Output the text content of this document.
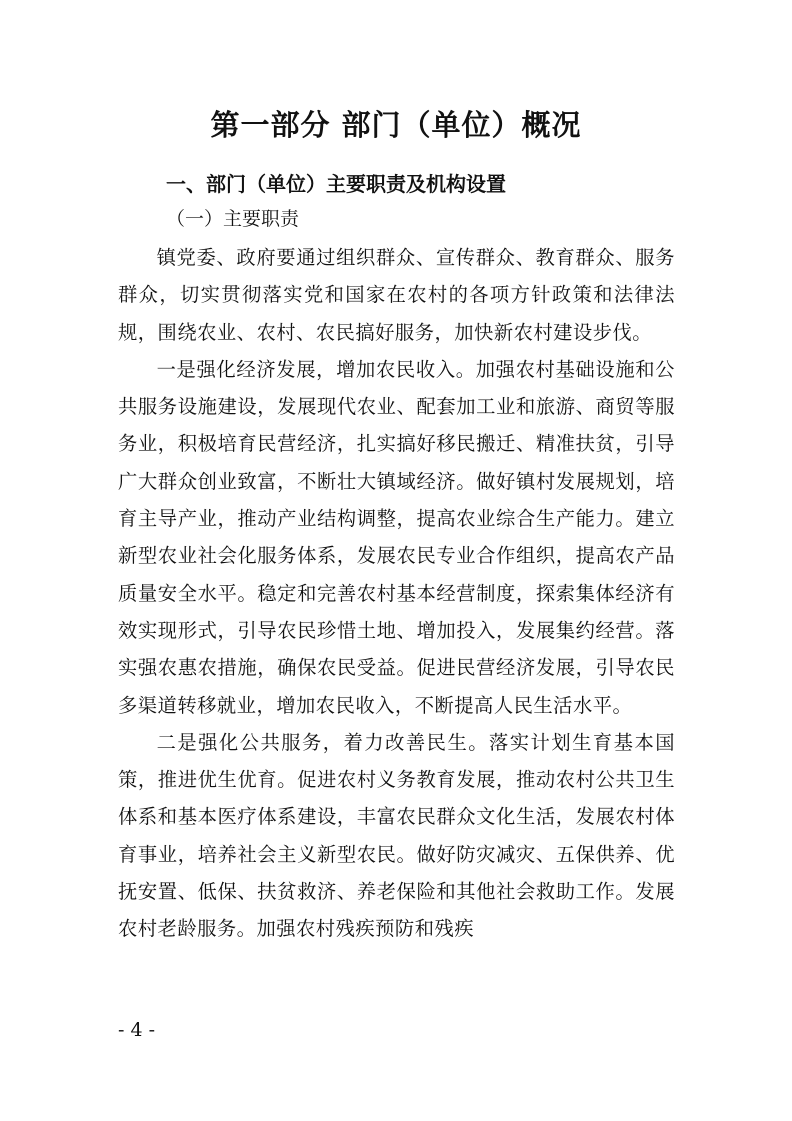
第一部分 部门（单位）概况
一、部门（单位）主要职责及机构设置
（一）主要职责

镇党委、政府要通过组织群众、宣传群众、教育群众、服务群众，切实贯彻落实党和国家在农村的各项方针政策和法律法规，围绕农业、农村、农民搞好服务，加快新农村建设步伐。

一是强化经济发展，增加农民收入。加强农村基础设施和公共服务设施建设，发展现代农业、配套加工业和旅游、商贸等服务业，积极培育民营经济，扎实搞好移民搬迁、精准扶贫，引导广大群众创业致富，不断壮大镇域经济。做好镇村发展规划，培育主导产业，推动产业结构调整，提高农业综合生产能力。建立新型农业社会化服务体系，发展农民专业合作组织，提高农产品质量安全水平。稳定和完善农村基本经营制度，探索集体经济有效实现形式，引导农民珍惜土地、增加投入，发展集约经营。落实强农惠农措施，确保农民受益。促进民营经济发展，引导农民多渠道转移就业，增加农民收入，不断提高人民生活水平。

二是强化公共服务，着力改善民生。落实计划生育基本国策，推进优生优育。促进农村义务教育发展，推动农村公共卫生体系和基本医疗体系建设，丰富农民群众文化生活，发展农村体育事业，培养社会主义新型农民。做好防灾减灾、五保供养、优抚安置、低保、扶贫救济、养老保险和其他社会救助工作。发展农村老龄服务。加强农村残疾预防和残疾

- 4 -
